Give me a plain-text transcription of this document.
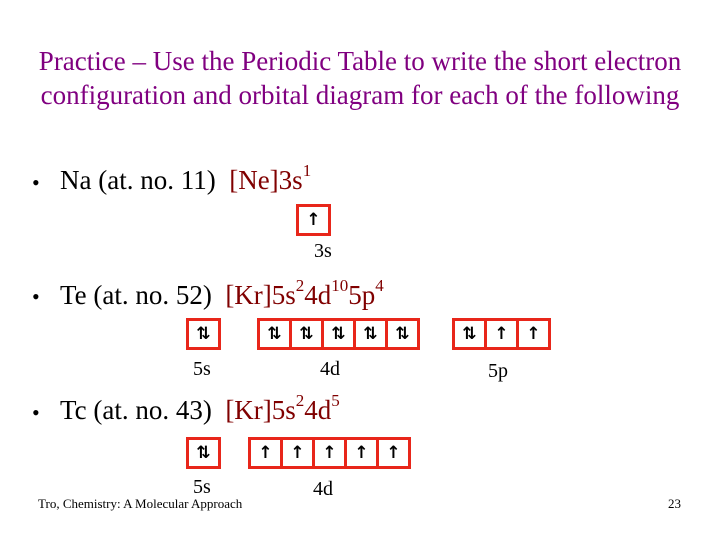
Practice – Use the Periodic Table to write the short electron configuration and orbital diagram for each of the following
• Na (at. no. 11) $[Ne]3s^1$
↑
3s
• Te (at. no. 52) $[Kr]5s^24d^{10}5p^4$
⇅	⇅ ⇅ ⇅ ⇅ ⇅	⇅ ↑ ↑
5s	4d	5p
• Tc (at. no. 43) $[Kr]5s^24d^5$
⇅	↑ ↑ ↑ ↑ ↑
5s	4d
Tro, Chemistry: A Molecular Approach	23
